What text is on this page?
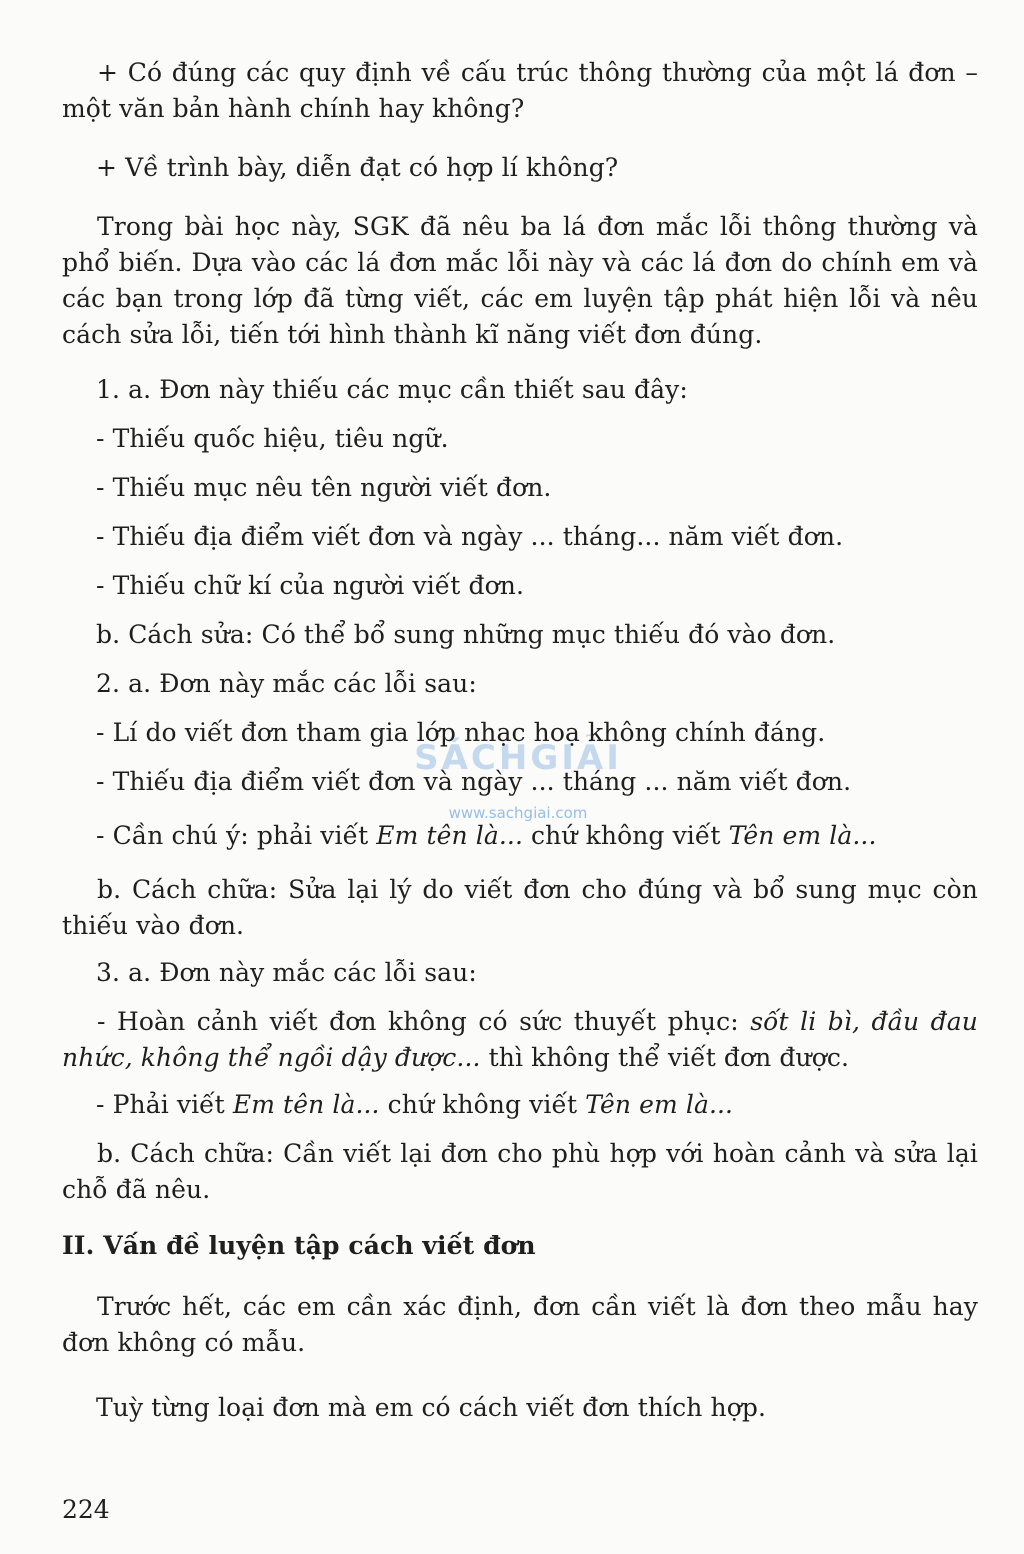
SÁCHGIẢI
www.sachgiai.com
224

+ Có đúng các quy định về cấu trúc thông thường của một lá đơn – một văn bản hành chính hay không?

+ Về trình bày, diễn đạt có hợp lí không?

Trong bài học này, SGK đã nêu ba lá đơn mắc lỗi thông thường và phổ biến. Dựa vào các lá đơn mắc lỗi này và các lá đơn do chính em và các bạn trong lớp đã từng viết, các em luyện tập phát hiện lỗi và nêu cách sửa lỗi, tiến tới hình thành kĩ năng viết đơn đúng.

1. a. Đơn này thiếu các mục cần thiết sau đây:

- Thiếu quốc hiệu, tiêu ngữ.

- Thiếu mục nêu tên người viết đơn.

- Thiếu địa điểm viết đơn và ngày ... tháng... năm viết đơn.

- Thiếu chữ kí của người viết đơn.

b. Cách sửa: Có thể bổ sung những mục thiếu đó vào đơn.

2. a. Đơn này mắc các lỗi sau:

- Lí do viết đơn tham gia lớp nhạc hoạ không chính đáng.

- Thiếu địa điểm viết đơn và ngày ... tháng ... năm viết đơn.

- Cần chú ý: phải viết Em tên là... chứ không viết Tên em là...

b. Cách chữa: Sửa lại lý do viết đơn cho đúng và bổ sung mục còn thiếu vào đơn.

3. a. Đơn này mắc các lỗi sau:

- Hoàn cảnh viết đơn không có sức thuyết phục: sốt li bì, đầu đau nhức, không thể ngồi dậy được... thì không thể viết đơn được.

- Phải viết Em tên là... chứ không viết Tên em là...

b. Cách chữa: Cần viết lại đơn cho phù hợp với hoàn cảnh và sửa lại chỗ đã nêu.

II. Vấn đề luyện tập cách viết đơn

Trước hết, các em cần xác định, đơn cần viết là đơn theo mẫu hay đơn không có mẫu.

Tuỳ từng loại đơn mà em có cách viết đơn thích hợp.
